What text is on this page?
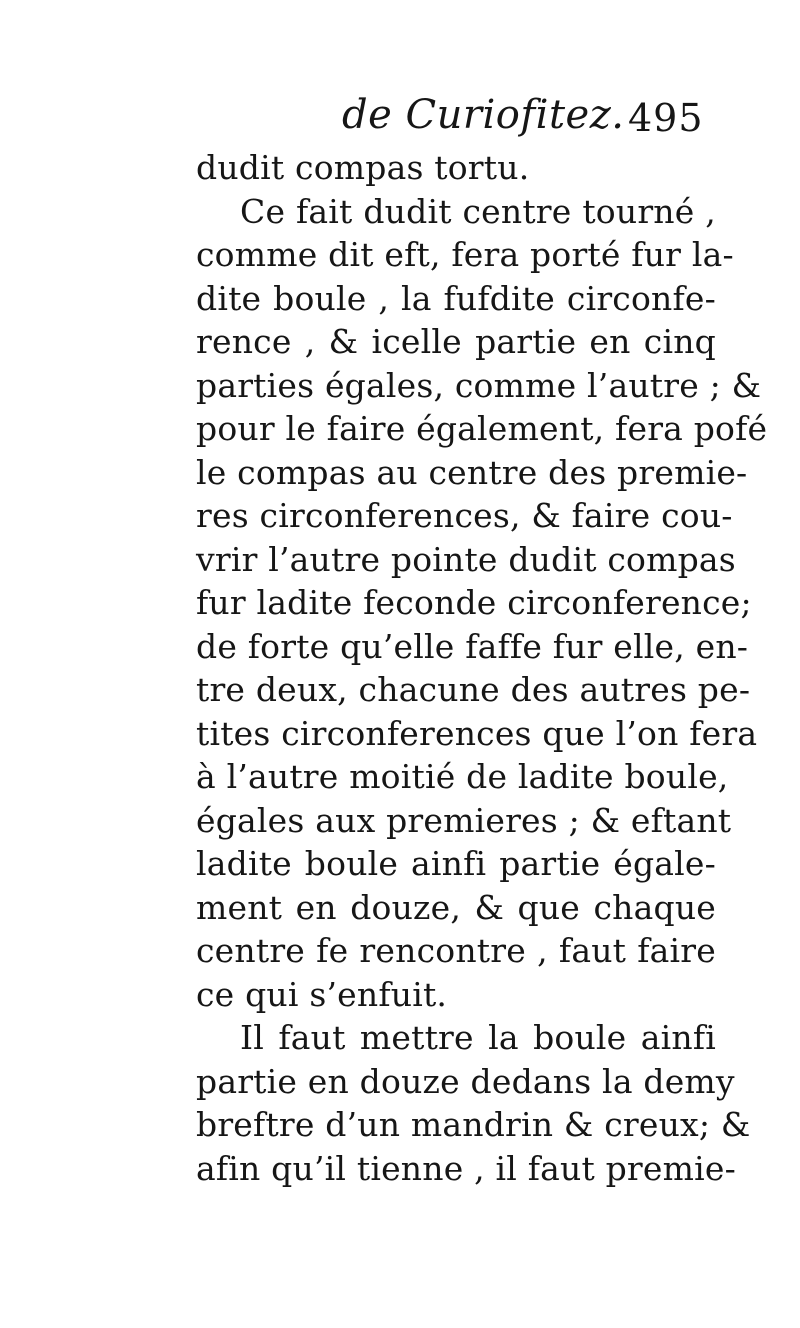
de Curiofitez. 495
dudit compas tortu.
Ce fait dudit centre tourné ,
comme dit eft, fera porté fur la-
dite boule , la fufdite circonfe-
rence , & icelle partie en cinq
parties égales, comme l’autre ; &
pour le faire également, fera pofé
le compas au centre des premie-
res circonferences, & faire cou-
vrir l’autre pointe dudit compas
fur ladite feconde circonference;
de forte qu’elle faffe fur elle, en-
tre deux, chacune des autres pe-
tites circonferences que l’on fera
à l’autre moitié de ladite boule,
égales aux premieres ; & eftant
ladite boule ainfi partie égale-
ment en douze, & que chaque
centre fe rencontre , faut faire
ce qui s’enfuit.
Il faut mettre la boule ainfi
partie en douze dedans la demy
breftre d’un mandrin & creux; &
afin qu’il tienne , il faut premie-
